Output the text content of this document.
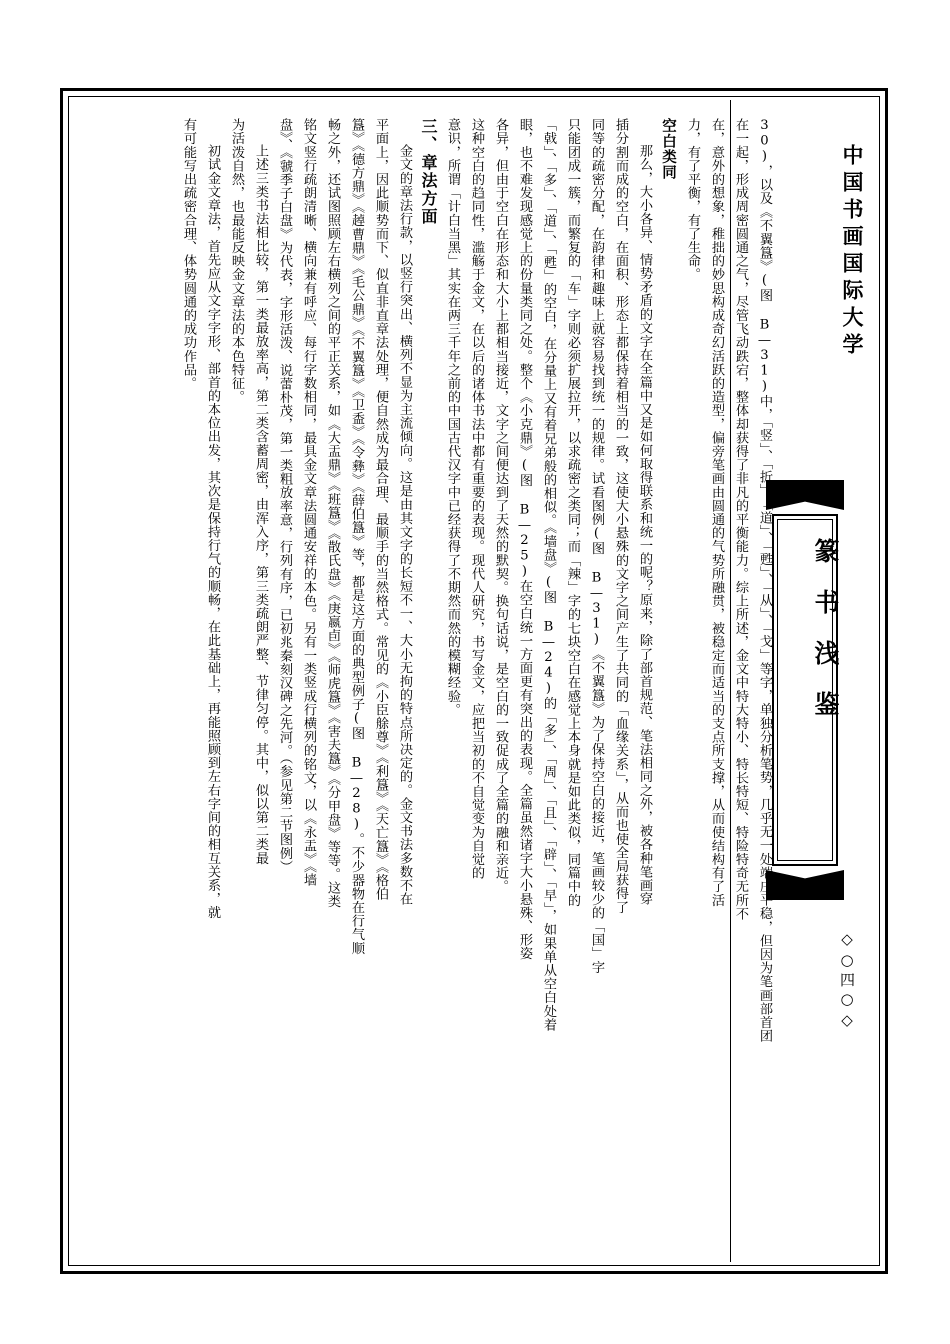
中国书画国际大学
篆书浅鉴
◇○四○◇
30)，以及《不翼簋》(图 B—31)中，「竖」、「折」、「道」、「甦」、「从」、「戈」等字，单独分析笔势，几乎无一处端庄平稳，但因为笔画部首团
在一起，形成周密圆通之气，尽管飞动跌宕，整体却获得了非凡的平衡能力。综上所述，金文中特大特小、特长特短、特险特奇无所不
在，意外的想象，稚拙的妙思构成奇幻活跃的造型，偏旁笔画由圆通的气势所融贯，被稳定而适当的支点所支撑，从而使结构有了活
力，有了平衡，有了生命。
空白类同
那么，大小各异、情势矛盾的文字在全篇中又是如何取得联系和统一的呢？原来，除了部首规范、笔法相同之外，被各种笔画穿
插分割而成的空白，在面积、形态上都保持着相当的一致，这使大小悬殊的文字之间产生了共同的「血缘关系」，从而也使全局获得了
同等的疏密分配，在韵律和趣味上就容易找到统一的规律。试看图例(图 B—31)《不翼簋》为了保持空白的接近，笔画较少的「国」字
只能团成一簇，而繁复的「车」字则必须扩展拉开，以求疏密之类同；而「辣」字的七块空白在感觉上本身就是如此类似，同篇中的
「戟」、「多」、「道」、「甦」的空白，在分量上又有着兄弟般的相似。《墙盘》(图 B—24)的「多」、「周」、「且」、「辟」、「早」，如果单从空白处着
眼，也不难发现感觉上的份量类同之处。整个《小克鼎》(图 B—25)在空白统一方面更有突出的表现。全篇虽然诸字大小悬殊、形姿
各异，但由于空白在形态和大小上都相当接近，文字之间便达到了天然的默契。换句话说，是空白的一致促成了全篇的融和亲近。
这种空白的趋同性，滥觞于金文，在以后的诸体书法中都有重要的表现。现代人研究，书写金文，应把当初的不自觉变为自觉的
意识，所谓「计白当黑」其实在两三千年之前的中国古代汉字中已经获得了不期然而然的模糊经验。
三、章法方面
金文的章法行款，以竖行突出、横列不显为主流倾向。这是由其文字的长短不一、大小无拘的特点所决定的。金文书法多数不在
平面上，因此顺势而下、似直非直章法处理，便自然成为最合理、最顺手的当然格式。常见的《小臣艅尊》《利簋》《天亡簋》《格伯
簋》《德方鼎》《趠曹鼎》《毛公鼎》《不翼簋》《卫盉》《令彝》《薛伯簋》等，都是这方面的典型例子(图 B—28)。不少器物在行气顺
畅之外，还试图照顾左右横列之间的平正关系，如《大盂鼎》《班簋》《散氏盘》《庚嬴卣》《师虎簋》《害夫簋》《分甲盘》等等。这类
铭文竖行疏朗清晰、横向兼有呼应、每行字数相同，最具金文章法圆通安祥的本色。另有一类竖成行横列的铭文，以《永盂》《墙
盘》、《虢季子白盘》为代表，字形活泼、说蕾朴茂，第一类粗放率意，行列有序，已初兆秦刻汉碑之先河。（参见第二节图例）
上述三类书法相比较，第一类最放率高，第二类含蓄周密，由浑入序，第三类疏朗严整、节律匀停。其中，似以第二类最
为活泼自然，也最能反映金文章法的本色特征。
初试金文章法，首先应从文字字形、部首的本位出发，其次是保持行气的顺畅，在此基础上，再能照顾到左右字间的相互关系，就
有可能写出疏密合理、体势圆通的成功作品。
